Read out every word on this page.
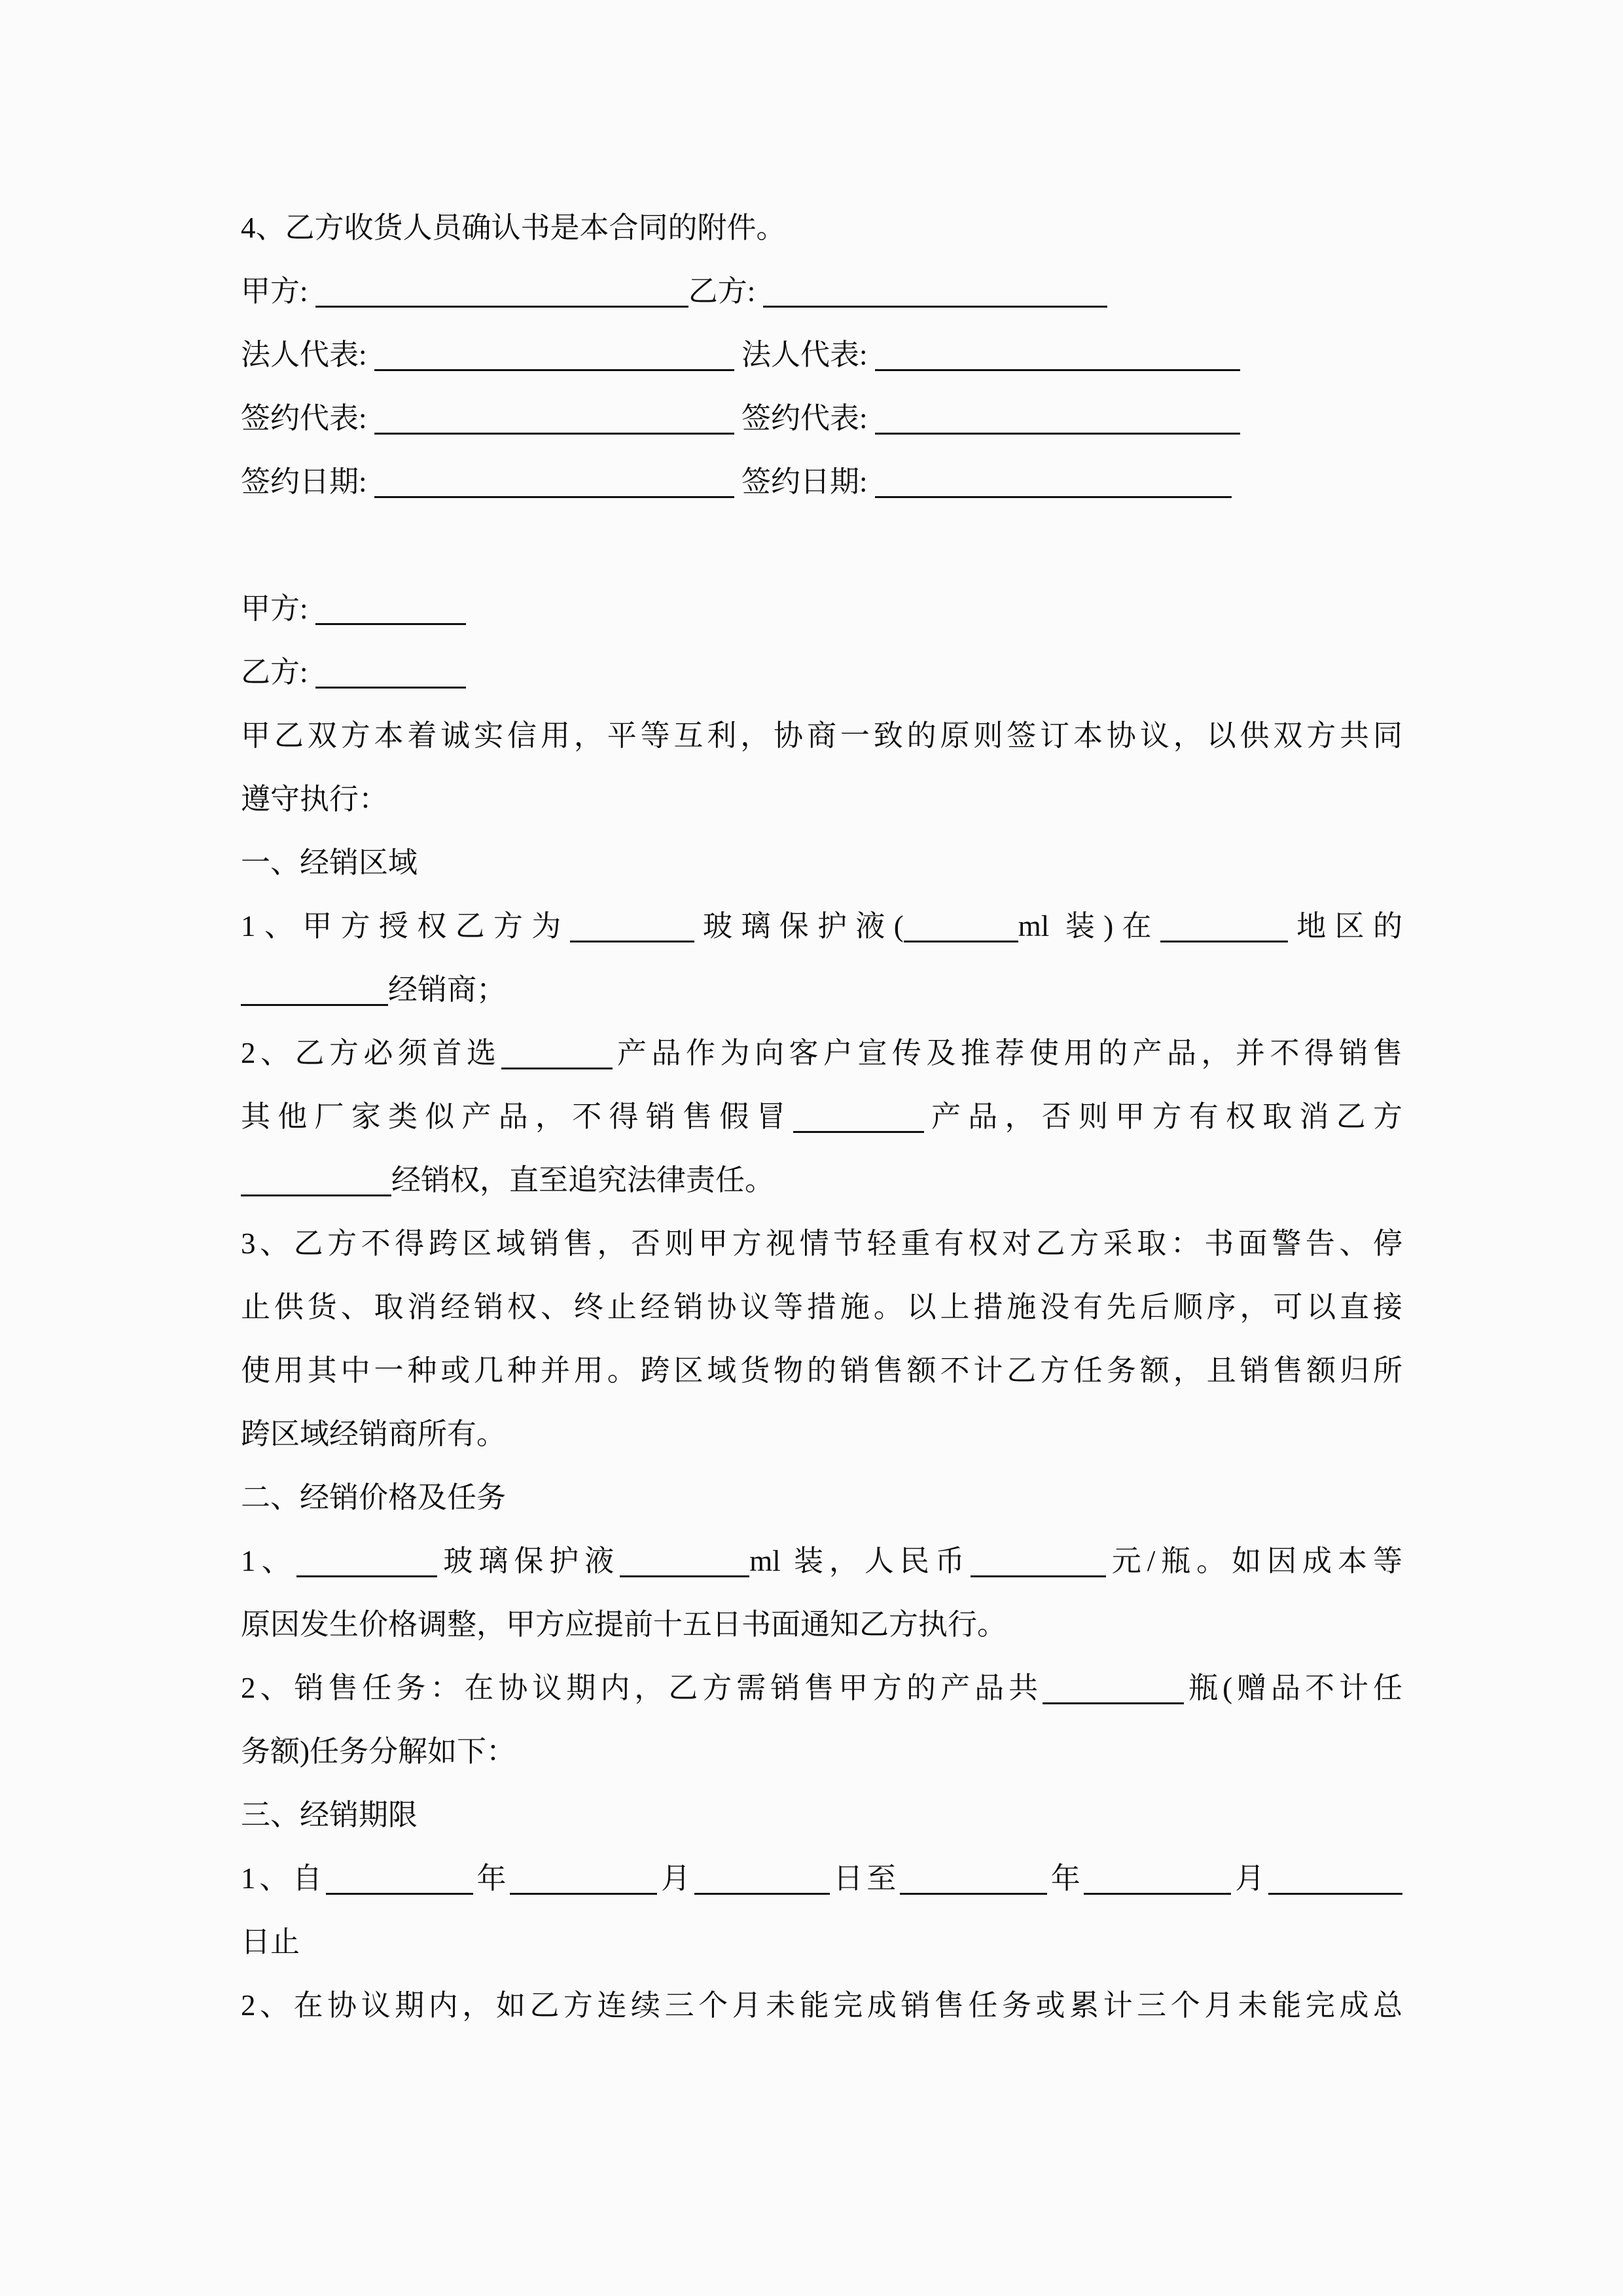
4、乙方收货人员确认书是本合同的附件。
甲方:	乙方:
法人代表:	法人代表:
签约代表:	签约代表:
签约日期:	签约日期:
甲方:
乙方:
甲乙双方本着诚实信用，平等互利，协商一致的原则签订本协议，以供双方共同
遵守执行：
一、经销区域
1、甲方授权乙方为	玻璃保护液(	ml 装)在	地区的
经销商；
2、乙方必须首选	产品作为向客户宣传及推荐使用的产品，并不得销售
其他厂家类似产品，不得销售假冒	产品，否则甲方有权取消乙方
经销权，直至追究法律责任。
3、乙方不得跨区域销售，否则甲方视情节轻重有权对乙方采取：书面警告、停
止供货、取消经销权、终止经销协议等措施。以上措施没有先后顺序，可以直接
使用其中一种或几种并用。跨区域货物的销售额不计乙方任务额，且销售额归所
跨区域经销商所有。
二、经销价格及任务
1、	玻璃保护液	ml 装，人民币	元/瓶。如因成本等
原因发生价格调整，甲方应提前十五日书面通知乙方执行。
2、销售任务：在协议期内，乙方需销售甲方的产品共	瓶(赠品不计任
务额)任务分解如下：
三、经销期限
1、自	年	月	日至	年	月
日止
2、在协议期内，如乙方连续三个月未能完成销售任务或累计三个月未能完成总
